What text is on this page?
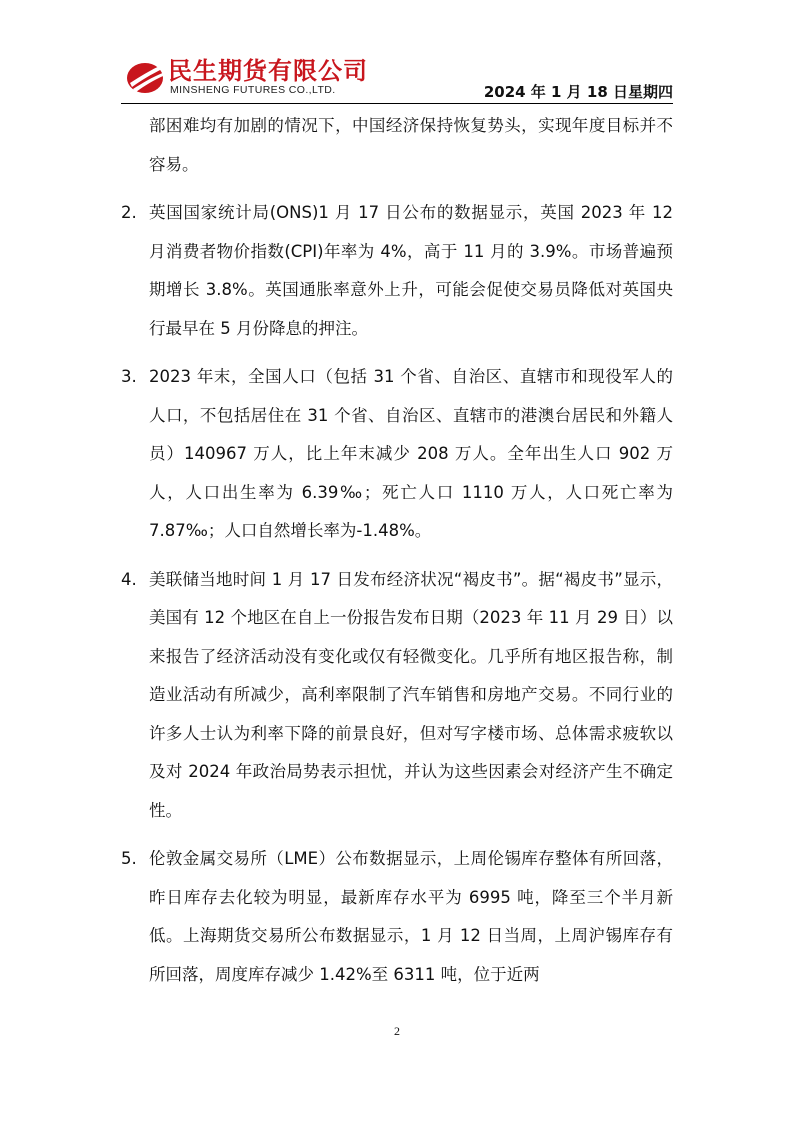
民生期货有限公司
MINSHENG FUTURES CO.,LTD.	2024 年 1 月 18 日星期四
部困难均有加剧的情况下，中国经济保持恢复势头，实现年度目标并不容易。
2. 英国国家统计局(ONS)1 月 17 日公布的数据显示，英国 2023 年 12 月消费者物价指数(CPI)年率为 4%，高于 11 月的 3.9%。市场普遍预期增长 3.8%。英国通胀率意外上升，可能会促使交易员降低对英国央行最早在 5 月份降息的押注。
3. 2023 年末，全国人口（包括 31 个省、自治区、直辖市和现役军人的人口，不包括居住在 31 个省、自治区、直辖市的港澳台居民和外籍人员）140967 万人，比上年末减少 208 万人。全年出生人口 902 万人，人口出生率为 6.39‰；死亡人口 1110 万人，人口死亡率为 7.87‰；人口自然增长率为-1.48%。
4. 美联储当地时间 1 月 17 日发布经济状况“褐皮书”。据“褐皮书”显示，美国有 12 个地区在自上一份报告发布日期（2023 年 11 月 29 日）以来报告了经济活动没有变化或仅有轻微变化。几乎所有地区报告称，制造业活动有所减少，高利率限制了汽车销售和房地产交易。不同行业的许多人士认为利率下降的前景良好，但对写字楼市场、总体需求疲软以及对 2024 年政治局势表示担忧，并认为这些因素会对经济产生不确定性。
5. 伦敦金属交易所（LME）公布数据显示，上周伦锡库存整体有所回落，昨日库存去化较为明显，最新库存水平为 6995 吨，降至三个半月新低。上海期货交易所公布数据显示，1 月 12 日当周，上周沪锡库存有所回落，周度库存减少 1.42%至 6311 吨，位于近两
2
